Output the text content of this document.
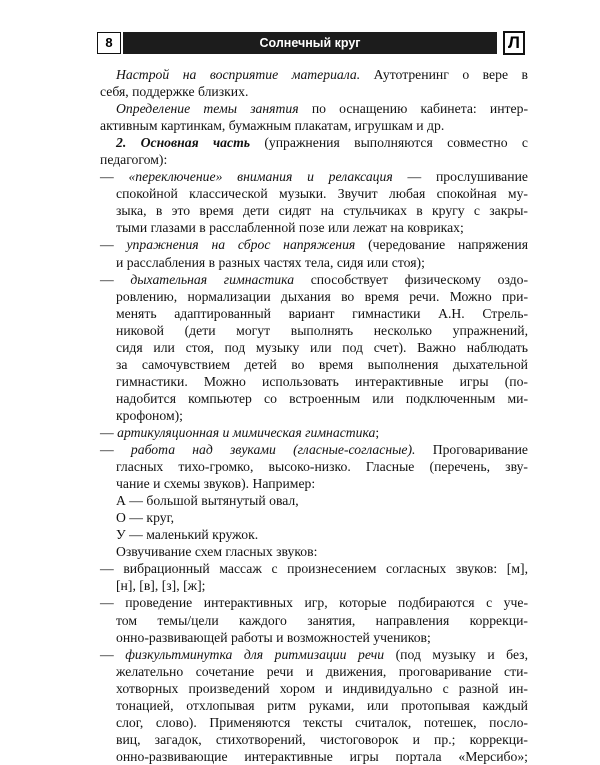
8	Солнечный круг	Л
Настрой на восприятие материала. Аутотренинг о вере в
себя, поддержке близких.
Определение темы занятия по оснащению кабинета: интер-
активным картинкам, бумажным плакатам, игрушкам и др.
2. Основная часть (упражнения выполняются совместно с
педагогом):
— «переключение» внимания и релаксация — прослушивание
спокойной классической музыки. Звучит любая спокойная му-
зыка, в это время дети сидят на стульчиках в кругу с закры-
тыми глазами в расслабленной позе или лежат на ковриках;
— упражнения на сброс напряжения (чередование напряжения
и расслабления в разных частях тела, сидя или стоя);
— дыхательная гимнастика способствует физическому оздо-
ровлению, нормализации дыхания во время речи. Можно при-
менять адаптированный вариант гимнастики А.Н. Стрель-
никовой (дети могут выполнять несколько упражнений,
сидя или стоя, под музыку или под счет). Важно наблюдать
за самочувствием детей во время выполнения дыхательной
гимнастики. Можно использовать интерактивные игры (по-
надобится компьютер со встроенным или подключенным ми-
крофоном);
— артикуляционная и мимическая гимнастика;
— работа над звуками (гласные-согласные). Проговаривание
гласных тихо-громко, высоко-низко. Гласные (перечень, зву-
чание и схемы звуков). Например:
А — большой вытянутый овал,
О — круг,
У — маленький кружок.
Озвучивание схем гласных звуков:
— вибрационный массаж с произнесением согласных звуков: [м],
[н], [в], [з], [ж];
— проведение интерактивных игр, которые подбираются с уче-
том темы/цели каждого занятия, направления коррекци-
онно-развивающей работы и возможностей учеников;
— физкультминутка для ритмизации речи (под музыку и без,
желательно сочетание речи и движения, проговаривание сти-
хотворных произведений хором и индивидуально с разной ин-
тонацией, отхлопывая ритм руками, или протопывая каждый
слог, слово). Применяются тексты считалок, потешек, посло-
виц, загадок, стихотворений, чистоговорок и пр.; коррекци-
онно-развивающие интерактивные игры портала «Мерсибо»;
